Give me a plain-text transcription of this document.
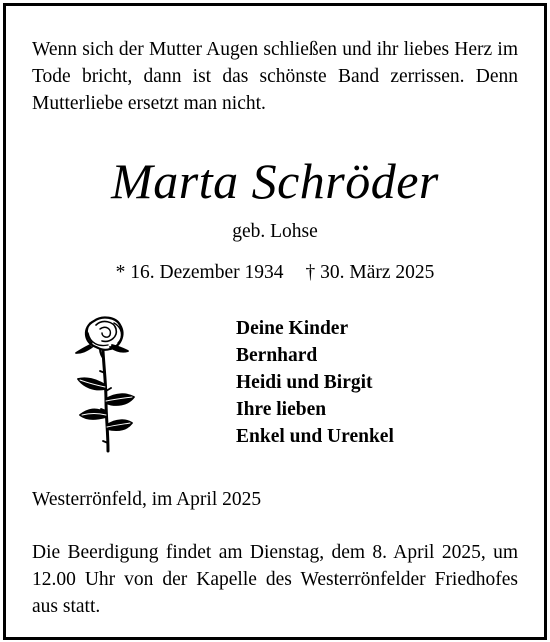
Wenn sich der Mutter Augen schließen und ihr liebes Herz im Tode bricht, dann ist das schönste Band zerrissen. Denn Mutterliebe ersetzt man nicht.
Marta Schröder
geb. Lohse
* 16. Dezember 1934 † 30. März 2025
Deine Kinder
Bernhard
Heidi und Birgit
Ihre lieben
Enkel und Urenkel
Westerrönfeld, im April 2025
Die Beerdigung findet am Dienstag, dem 8. April 2025, um 12.00 Uhr von der Kapelle des Westerrönfelder Friedhofes aus statt.
